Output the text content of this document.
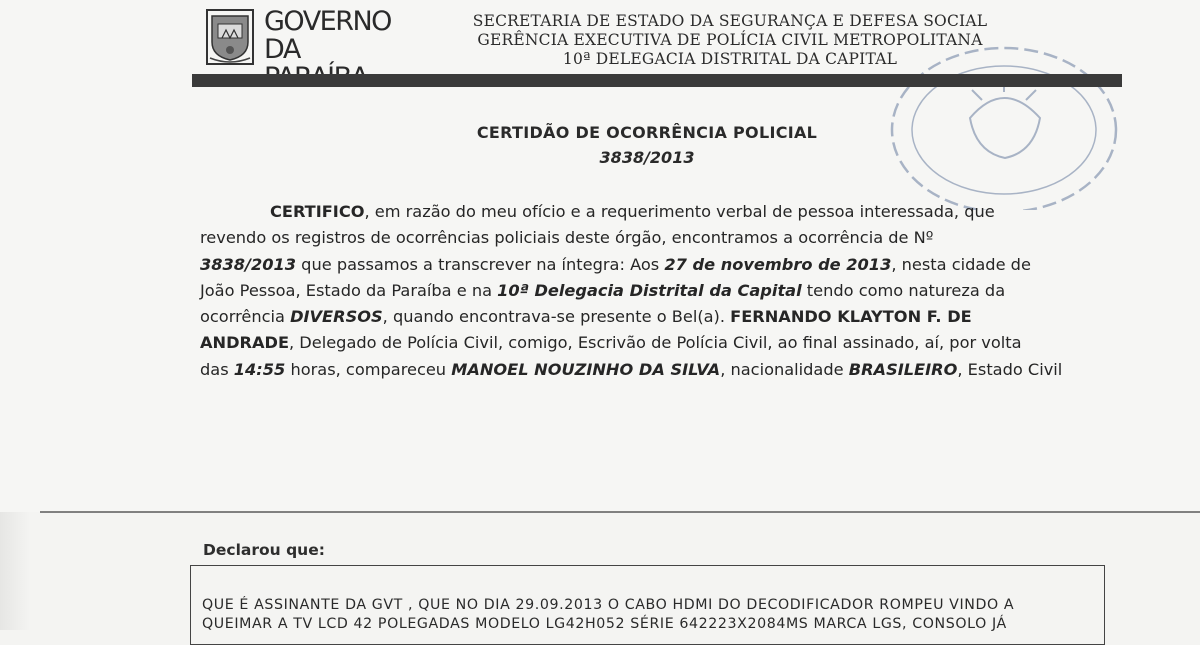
GOVERNO
DA
SECRETARIA DE ESTADO DA SEGURANÇA E DEFESA SOCIAL
GERÊNCIA EXECUTIVA DE POLÍCIA CIVIL METROPOLITANA
10ª DELEGACIA DISTRITAL DA CAPITAL
CERTIDÃO DE OCORRÊNCIA POLICIAL
3838/2013
CERTIFICO, em razão do meu ofício e a requerimento verbal de pessoa interessada, que
revendo os registros de ocorrências policiais deste órgão, encontramos a ocorrência de Nº
3838/2013 que passamos a transcrever na íntegra: Aos 27 de novembro de 2013, nesta cidade de
João Pessoa, Estado da Paraíba e na 10ª Delegacia Distrital da Capital tendo como natureza da
ocorrência DIVERSOS, quando encontrava-se presente o Bel(a). FERNANDO KLAYTON F. DE
ANDRADE, Delegado de Polícia Civil, comigo, Escrivão de Polícia Civil, ao final assinado, aí, por volta
das 14:55 horas, compareceu MANOEL NOUZINHO DA SILVA, nacionalidade BRASILEIRO, Estado Civil
Declarou que:
QUE É ASSINANTE DA GVT , QUE NO DIA 29.09.2013 O CABO HDMI DO DECODIFICADOR ROMPEU VINDO A
QUEIMAR A TV LCD 42 POLEGADAS MODELO LG42H052 SÉRIE 642223X2084MS MARCA LGS, CONSOLO JÁ
